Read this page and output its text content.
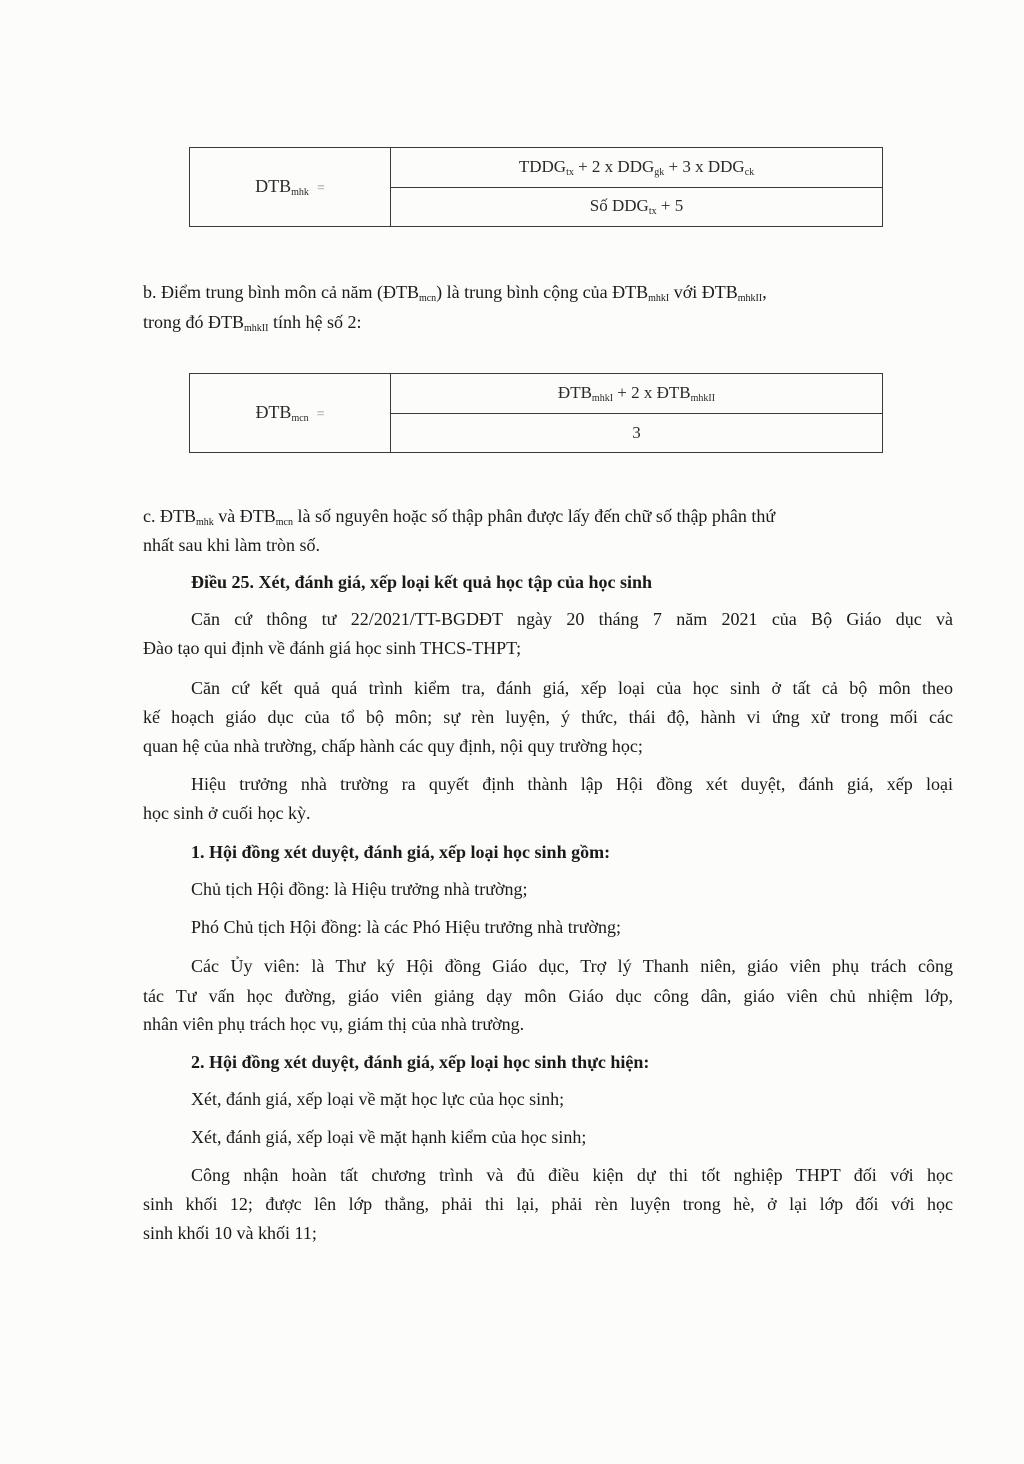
$DTB_{mhk}$ =	$TDDG_{tx} + 2$ x $DDG_{gk} + 3$ x $DDG_{ck}$
Số $DDG_{tx} + 5$
b. Điểm trung bình môn cả năm $(ĐTB_{mcn})$ là trung bình cộng của $ĐTB_{mhkI}$ với $ĐTB_{mhkII}$,
trong đó $ĐTB_{mhkII}$ tính hệ số 2:
$ĐTB_{mcn}$ =	$ĐTB_{mhkI} + 2$ x $ĐTB_{mhkII}$
3
c. $ĐTB_{mhk}$ và $ĐTB_{mcn}$ là số nguyên hoặc số thập phân được lấy đến chữ số thập phân thứ
nhất sau khi làm tròn số.
Điều 25. Xét, đánh giá, xếp loại kết quả học tập của học sinh
Căn cứ thông tư 22/2021/TT-BGDĐT ngày 20 tháng 7 năm 2021 của Bộ Giáo dục và
Đào tạo qui định về đánh giá học sinh THCS-THPT;
Căn cứ kết quả quá trình kiểm tra, đánh giá, xếp loại của học sinh ở tất cả bộ môn theo
kế hoạch giáo dục của tổ bộ môn; sự rèn luyện, ý thức, thái độ, hành vi ứng xử trong mối các
quan hệ của nhà trường, chấp hành các quy định, nội quy trường học;
Hiệu trưởng nhà trường ra quyết định thành lập Hội đồng xét duyệt, đánh giá, xếp loại
học sinh ở cuối học kỳ.
1. Hội đồng xét duyệt, đánh giá, xếp loại học sinh gồm:
Chủ tịch Hội đồng: là Hiệu trưởng nhà trường;
Phó Chủ tịch Hội đồng: là các Phó Hiệu trưởng nhà trường;
Các Ủy viên: là Thư ký Hội đồng Giáo dục, Trợ lý Thanh niên, giáo viên phụ trách công
tác Tư vấn học đường, giáo viên giảng dạy môn Giáo dục công dân, giáo viên chủ nhiệm lớp,
nhân viên phụ trách học vụ, giám thị của nhà trường.
2. Hội đồng xét duyệt, đánh giá, xếp loại học sinh thực hiện:
Xét, đánh giá, xếp loại về mặt học lực của học sinh;
Xét, đánh giá, xếp loại về mặt hạnh kiểm của học sinh;
Công nhận hoàn tất chương trình và đủ điều kiện dự thi tốt nghiệp THPT đối với học
sinh khối 12; được lên lớp thẳng, phải thi lại, phải rèn luyện trong hè, ở lại lớp đối với học
sinh khối 10 và khối 11;
